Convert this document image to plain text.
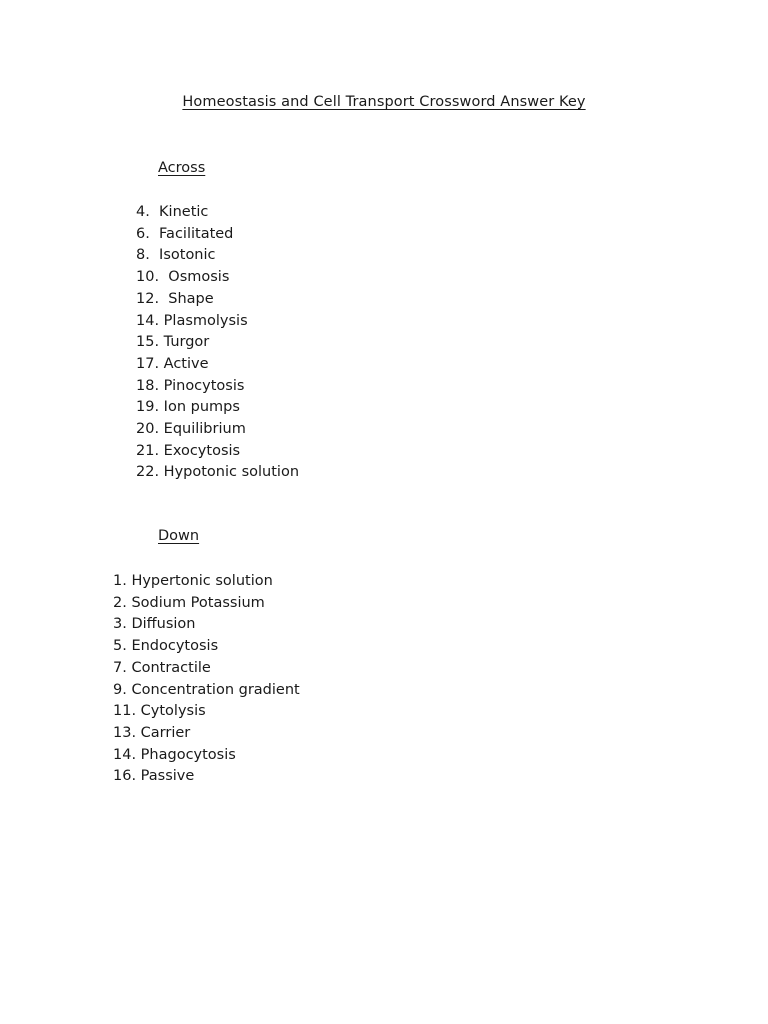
Homeostasis and Cell Transport Crossword Answer Key
Across
4.  Kinetic
6.  Facilitated
8.  Isotonic
10.  Osmosis
12.  Shape
14. Plasmolysis
15. Turgor
17. Active
18. Pinocytosis
19. Ion pumps
20. Equilibrium
21. Exocytosis
22. Hypotonic solution
Down
1. Hypertonic solution
2. Sodium Potassium
3. Diffusion
5. Endocytosis
7. Contractile
9. Concentration gradient
11. Cytolysis
13. Carrier
14. Phagocytosis
16. Passive
